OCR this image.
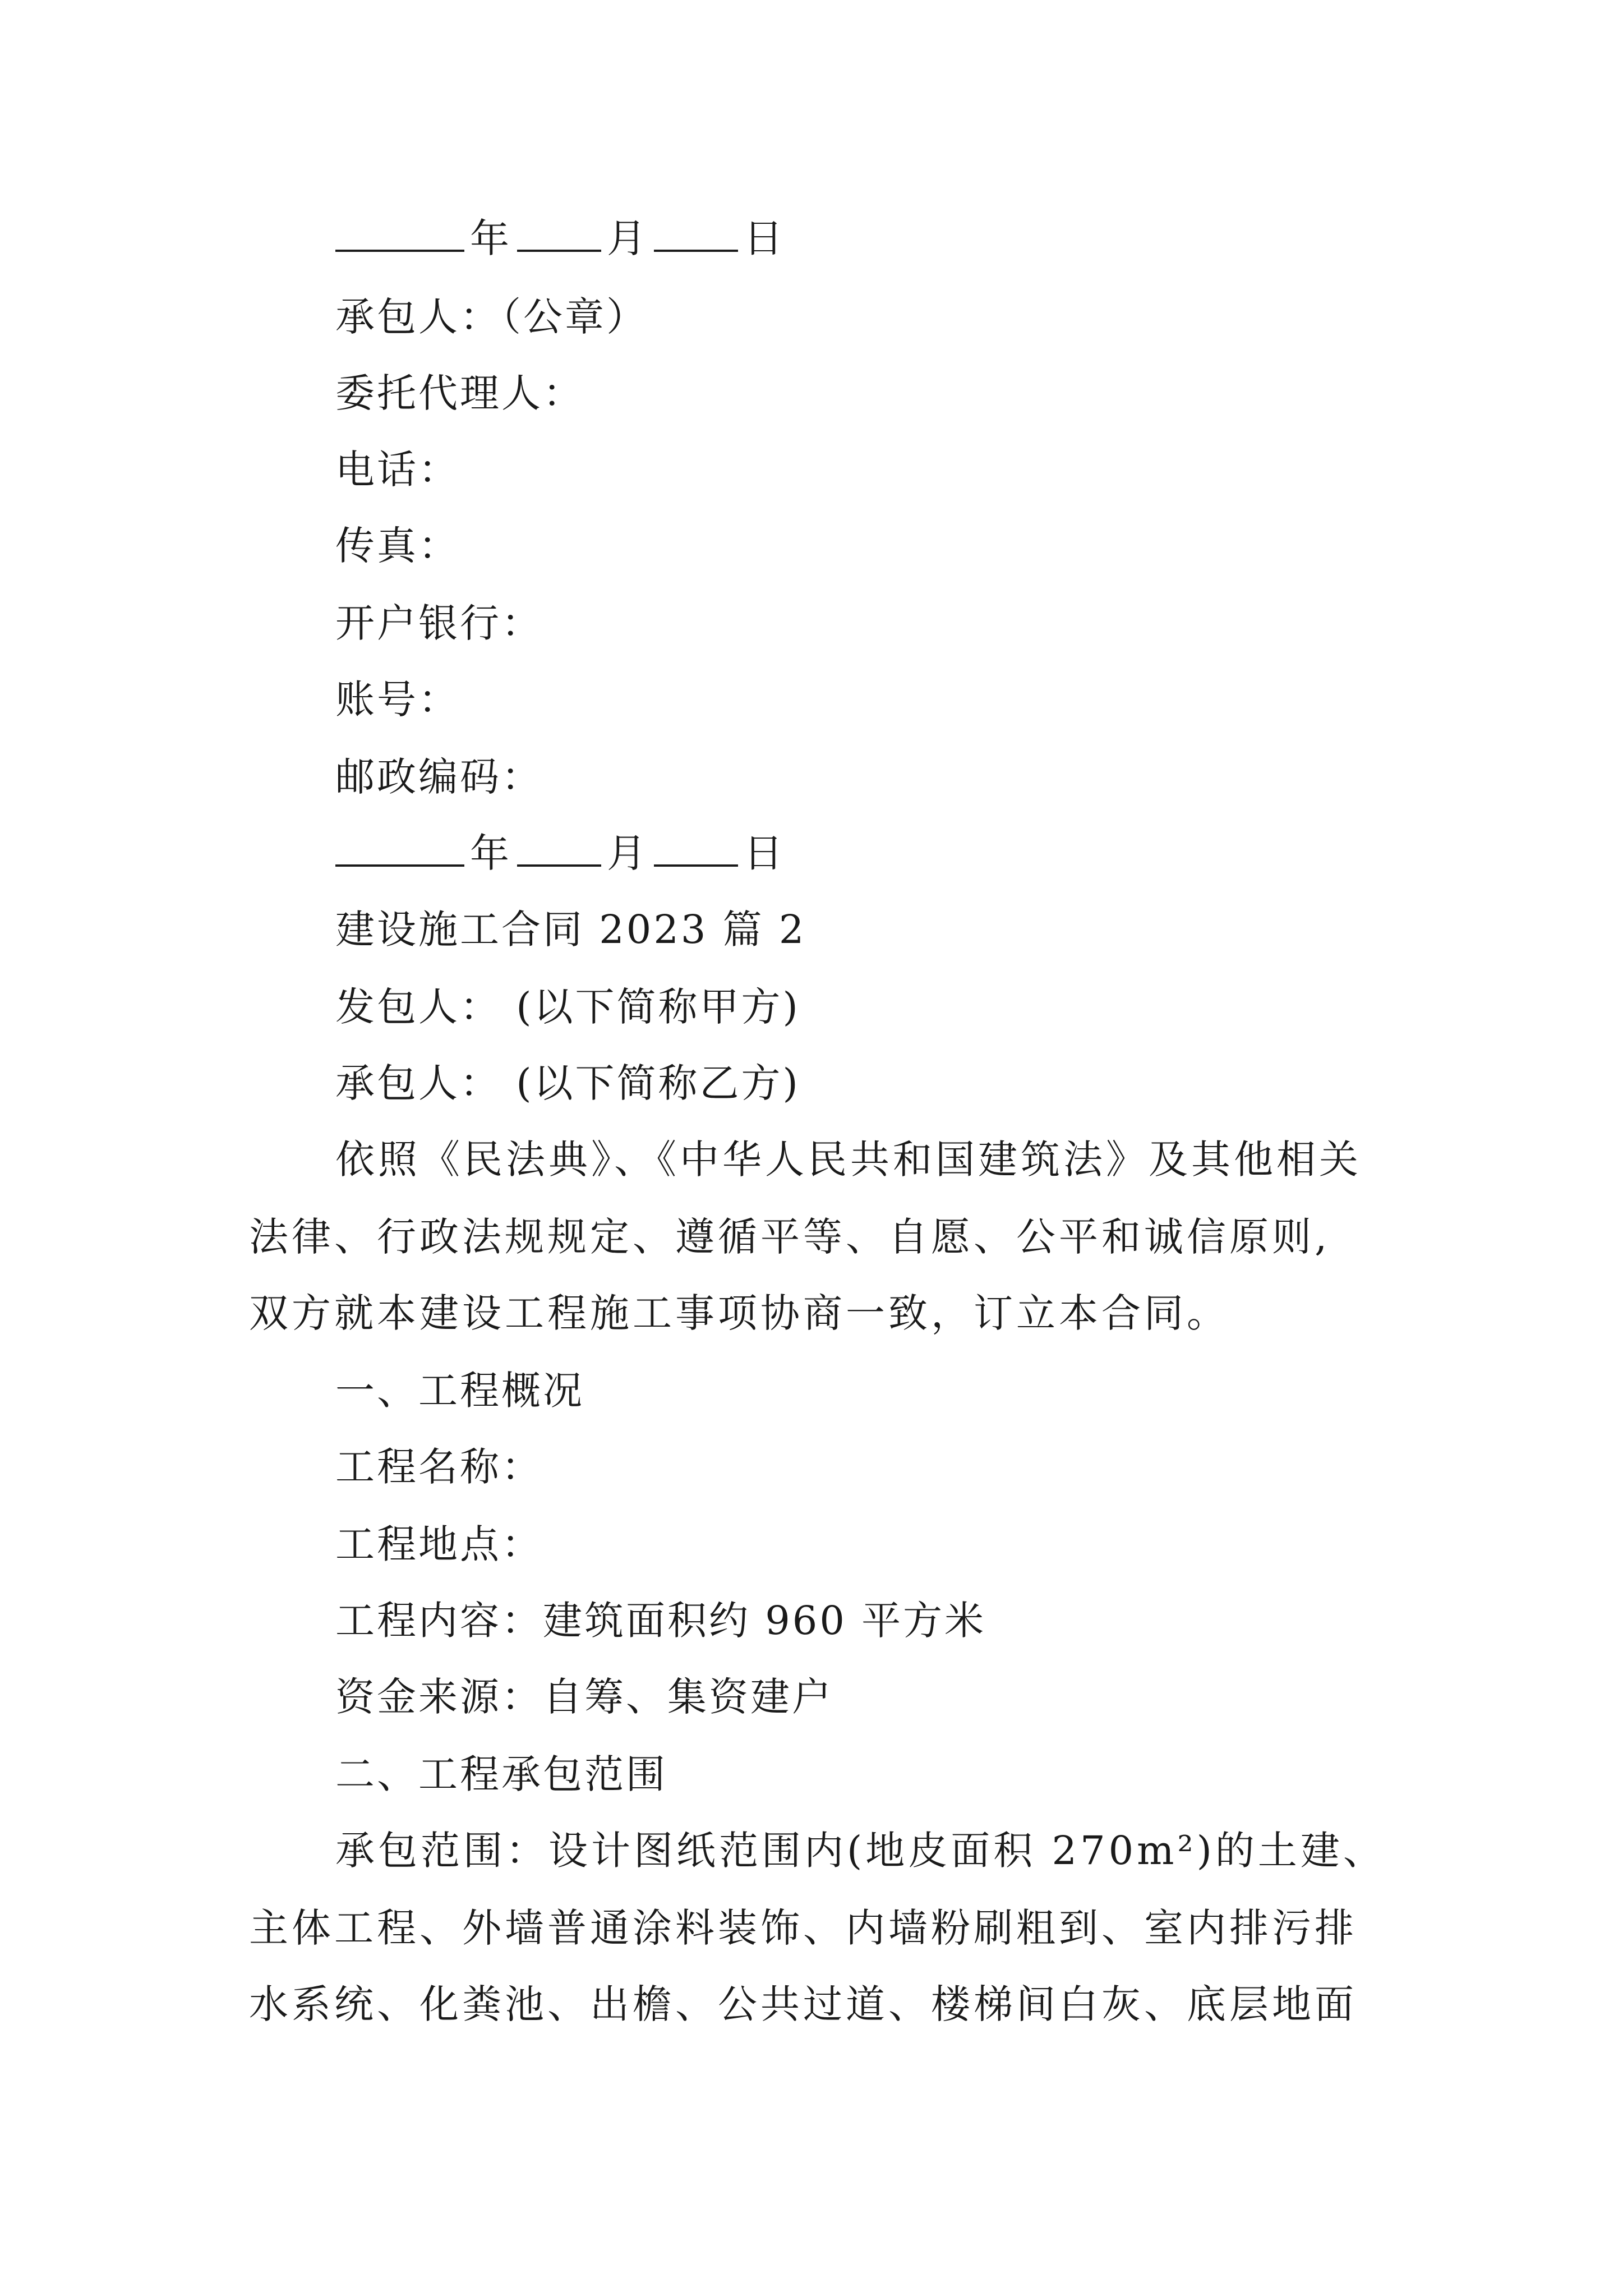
年 月 日
承包人：（公章）
委托代理人：
电话：
传真：
开户银行：
账号：
邮政编码：
年 月 日
建设施工合同 2023 篇 2
发包人： (以下简称甲方)
承包人： (以下简称乙方)
依照《民法典》、《中华人民共和国建筑法》及其他相关
法律、行政法规规定、遵循平等、自愿、公平和诚信原则,
双方就本建设工程施工事项协商一致，订立本合同。
一、工程概况
工程名称：
工程地点：
工程内容：建筑面积约 960 平方米
资金来源：自筹、集资建户
二、工程承包范围
承包范围：设计图纸范围内(地皮面积 270m²)的土建、
主体工程、外墙普通涂料装饰、内墙粉刷粗到、室内排污排
水系统、化粪池、出檐、公共过道、楼梯间白灰、底层地面
